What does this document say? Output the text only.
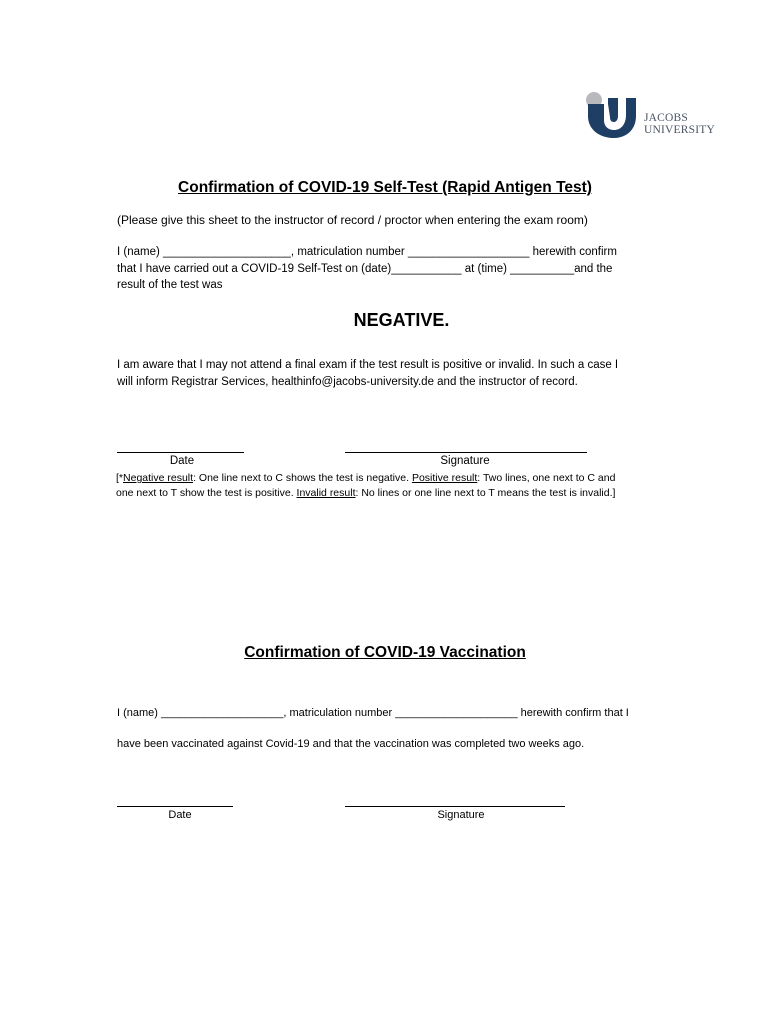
JACOBS
UNIVERSITY
Confirmation of COVID-19 Self-Test (Rapid Antigen Test)
(Please give this sheet to the instructor of record / proctor when entering the exam room)
I (name) ____________________, matriculation number ___________________ herewith confirm
that I have carried out a COVID-19 Self-Test on (date)___________ at (time) __________and the
result of the test was
NEGATIVE.
I am aware that I may not attend a final exam if the test result is positive or invalid. In such a case I
will inform Registrar Services, healthinfo@jacobs-university.de and the instructor of record.
Date	Signature
[*Negative result: One line next to C shows the test is negative. Positive result: Two lines, one next to C and
one next to T show the test is positive. Invalid result: No lines or one line next to T means the test is invalid.]
Confirmation of COVID-19 Vaccination
I (name) ____________________, matriculation number ____________________ herewith confirm that I
have been vaccinated against Covid-19 and that the vaccination was completed two weeks ago.
Date	Signature
